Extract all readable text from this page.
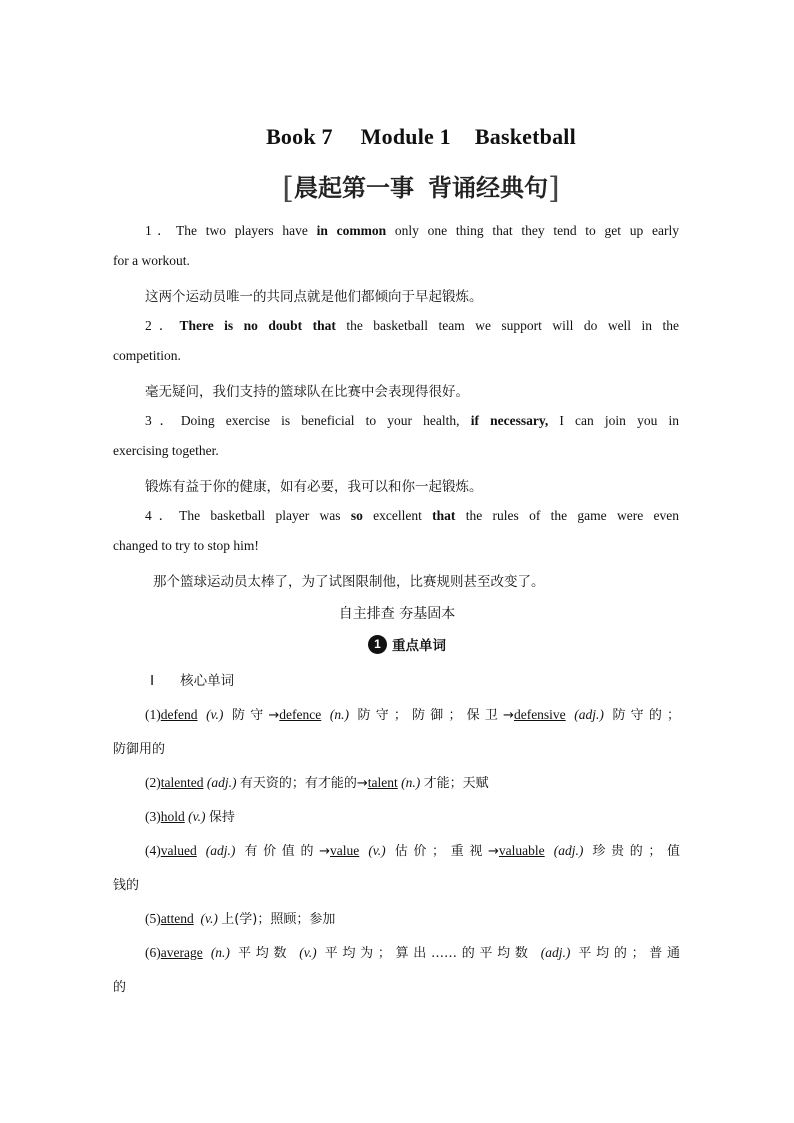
Book 7 Module 1 Basketball
[晨起第一事 背诵经典句]
1．The two players have in common only one thing that they tend to get up early
for a workout.
这两个运动员唯一的共同点就是他们都倾向于早起锻炼。
2．There is no doubt that the basketball team we support will do well in the
competition.
毫无疑问，我们支持的篮球队在比赛中会表现得很好。
3．Doing exercise is beneficial to your health, if necessary, I can join you in
exercising together.
锻炼有益于你的健康，如有必要，我可以和你一起锻炼。
4．The basketball player was so excellent that the rules of the game were even
changed to try to stop him!
那个篮球运动员太棒了，为了试图限制他，比赛规则甚至改变了。
自主排查 夯基固本
1 重点单词
Ⅰ 核心单词
(1)defend (v.) 防守→defence (n.) 防守；防御；保卫→defensive (adj.) 防守的；
防御用的
(2)talented (adj.) 有天资的；有才能的→talent (n.) 才能；天赋
(3)hold (v.) 保持
(4)valued (adj.) 有价值的→value (v.) 估价；重视→valuable (adj.) 珍贵的；值
钱的
(5)attend (v.) 上(学)；照顾；参加
(6)average (n.) 平均数 (v.) 平均为；算出……的平均数 (adj.) 平均的；普通
的
